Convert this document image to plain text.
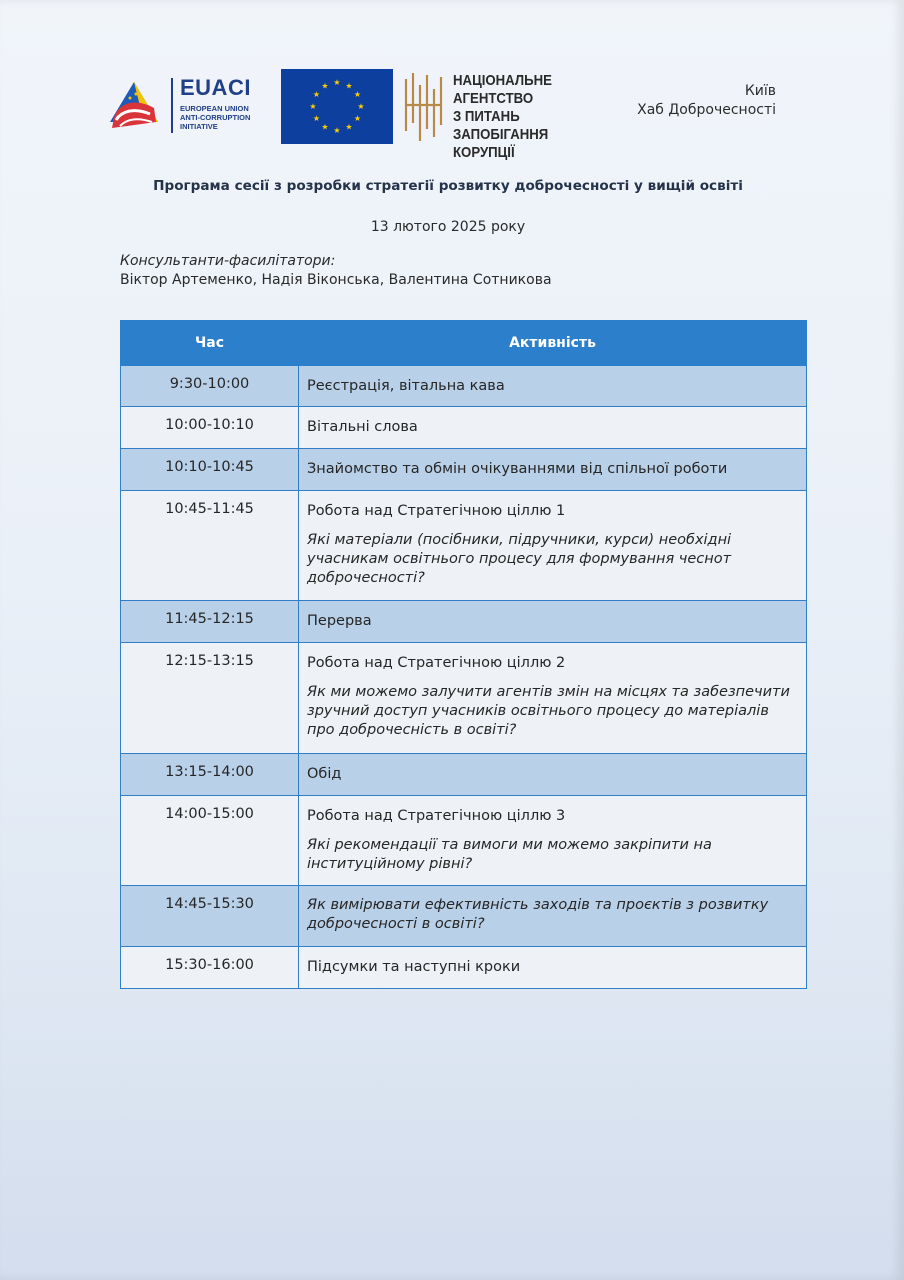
EUACI
EUROPEAN UNION
ANTI-CORRUPTION
INITIATIVE
★ ★
★
★
★
★
★
★
★
★
★
★	НАЦІОНАЛЬНЕ АГЕНТСТВО
З ПИТАНЬ ЗАПОБІГАННЯ
КОРУПЦІЇ
Київ
Хаб Доброчесності
Програма сесії з розробки стратегії розвитку доброчесності у вищій освіті
13 лютого 2025 року
Консультанти-фасилітатори:
Віктор Артеменко, Надія Віконська, Валентина Сотникова
Час	Активність
9:30-10:00	Реєстрація, вітальна кава

10:00-10:10	Вітальні слова

10:10-10:45	Знайомство та обмін очікуваннями від спільної роботи

10:45-11:45	Робота над Стратегічною ціллю 1
Які матеріали (посібники, підручники, курси) необхідні учасникам освітнього процесу для формування чеснот доброчесності?

11:45-12:15	Перерва

12:15-13:15	Робота над Стратегічною ціллю 2
Як ми можемо залучити агентів змін на місцях та забезпечити зручний доступ учасників освітнього процесу до матеріалів про доброчесність в освіті?

13:15-14:00	Обід

14:00-15:00	Робота над Стратегічною ціллю 3
Які рекомендації та вимоги ми можемо закріпити на інституційному рівні?

14:45-15:30	Як вимірювати ефективність заходів та проєктів з розвитку доброчесності в освіті?

15:30-16:00	Підсумки та наступні кроки
